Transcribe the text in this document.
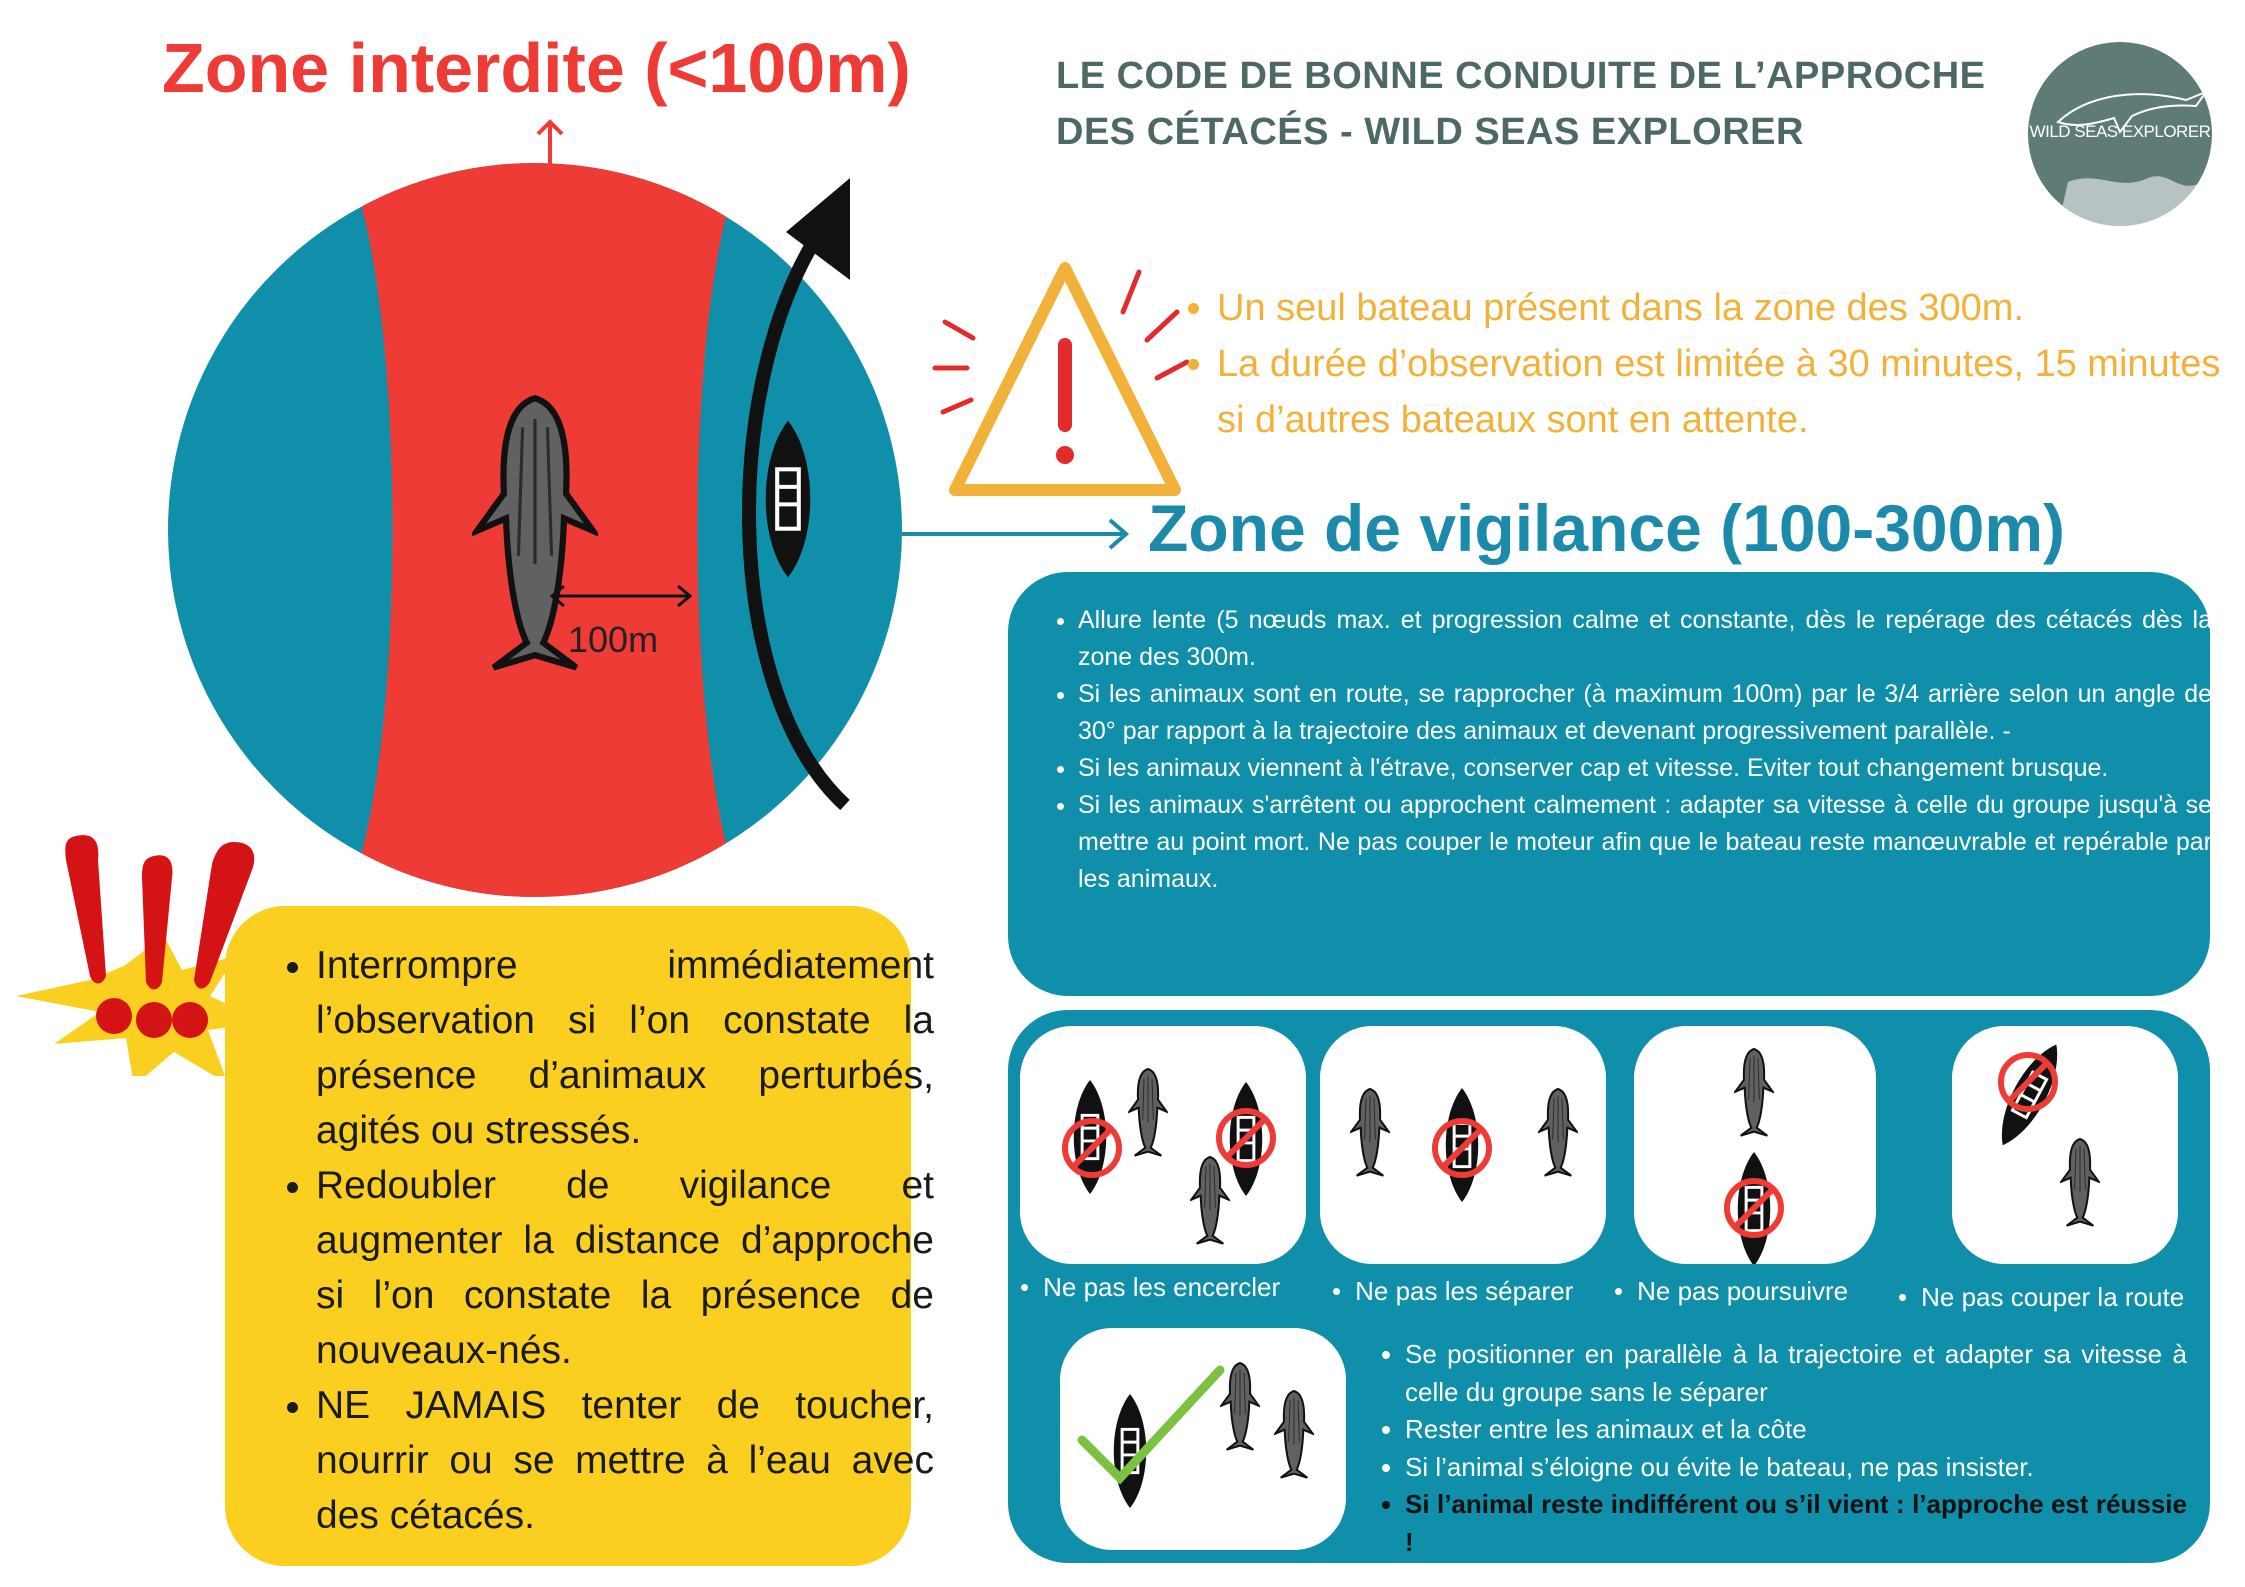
Zone interdite (<100m)
100m
LE CODE DE BONNE CONDUITE DE L’APPROCHE
DES CÉTACÉS - WILD SEAS EXPLORER	WILD SEAS EXPLORER
• Un seul bateau présent dans la zone des 300m.
• La durée d’observation est limitée à 30 minutes, 15 minutes si d’autres bateaux sont en attente.
Zone de vigilance (100-300m)
• Allure lente (5 nœuds max. et progression calme et constante, dès le repérage des cétacés dès la zone des 300m.
• Si les animaux sont en route, se rapprocher (à maximum 100m) par le 3/4 arrière selon un angle de 30° par rapport à la trajectoire des animaux et devenant progressivement parallèle. -
• Si les animaux viennent à l'étrave, conserver cap et vitesse. Eviter tout changement brusque.
• Si les animaux s'arrêtent ou approchent calmement : adapter sa vitesse à celle du groupe jusqu'à se mettre au point mort. Ne pas couper le moteur afin que le bateau reste manœuvrable et repérable par les animaux.
• Ne pas les encercler	• Ne pas les séparer	• Ne pas poursuivre	• Ne pas couper la route
• Se positionner en parallèle à la trajectoire et adapter sa vitesse à celle du groupe sans le séparer
• Rester entre les animaux et la côte
• Si l’animal s’éloigne ou évite le bateau, ne pas insister.
• Si l’animal reste indifférent ou s’il vient : l’approche est réussie !
• Interrompre immédiatement l’observation si l’on constate la présence d’animaux perturbés, agités ou stressés.
• Redoubler de vigilance et augmenter la distance d’approche si l’on constate la présence de nouveaux-nés.
• NE JAMAIS tenter de toucher, nourrir ou se mettre à l’eau avec des cétacés.
